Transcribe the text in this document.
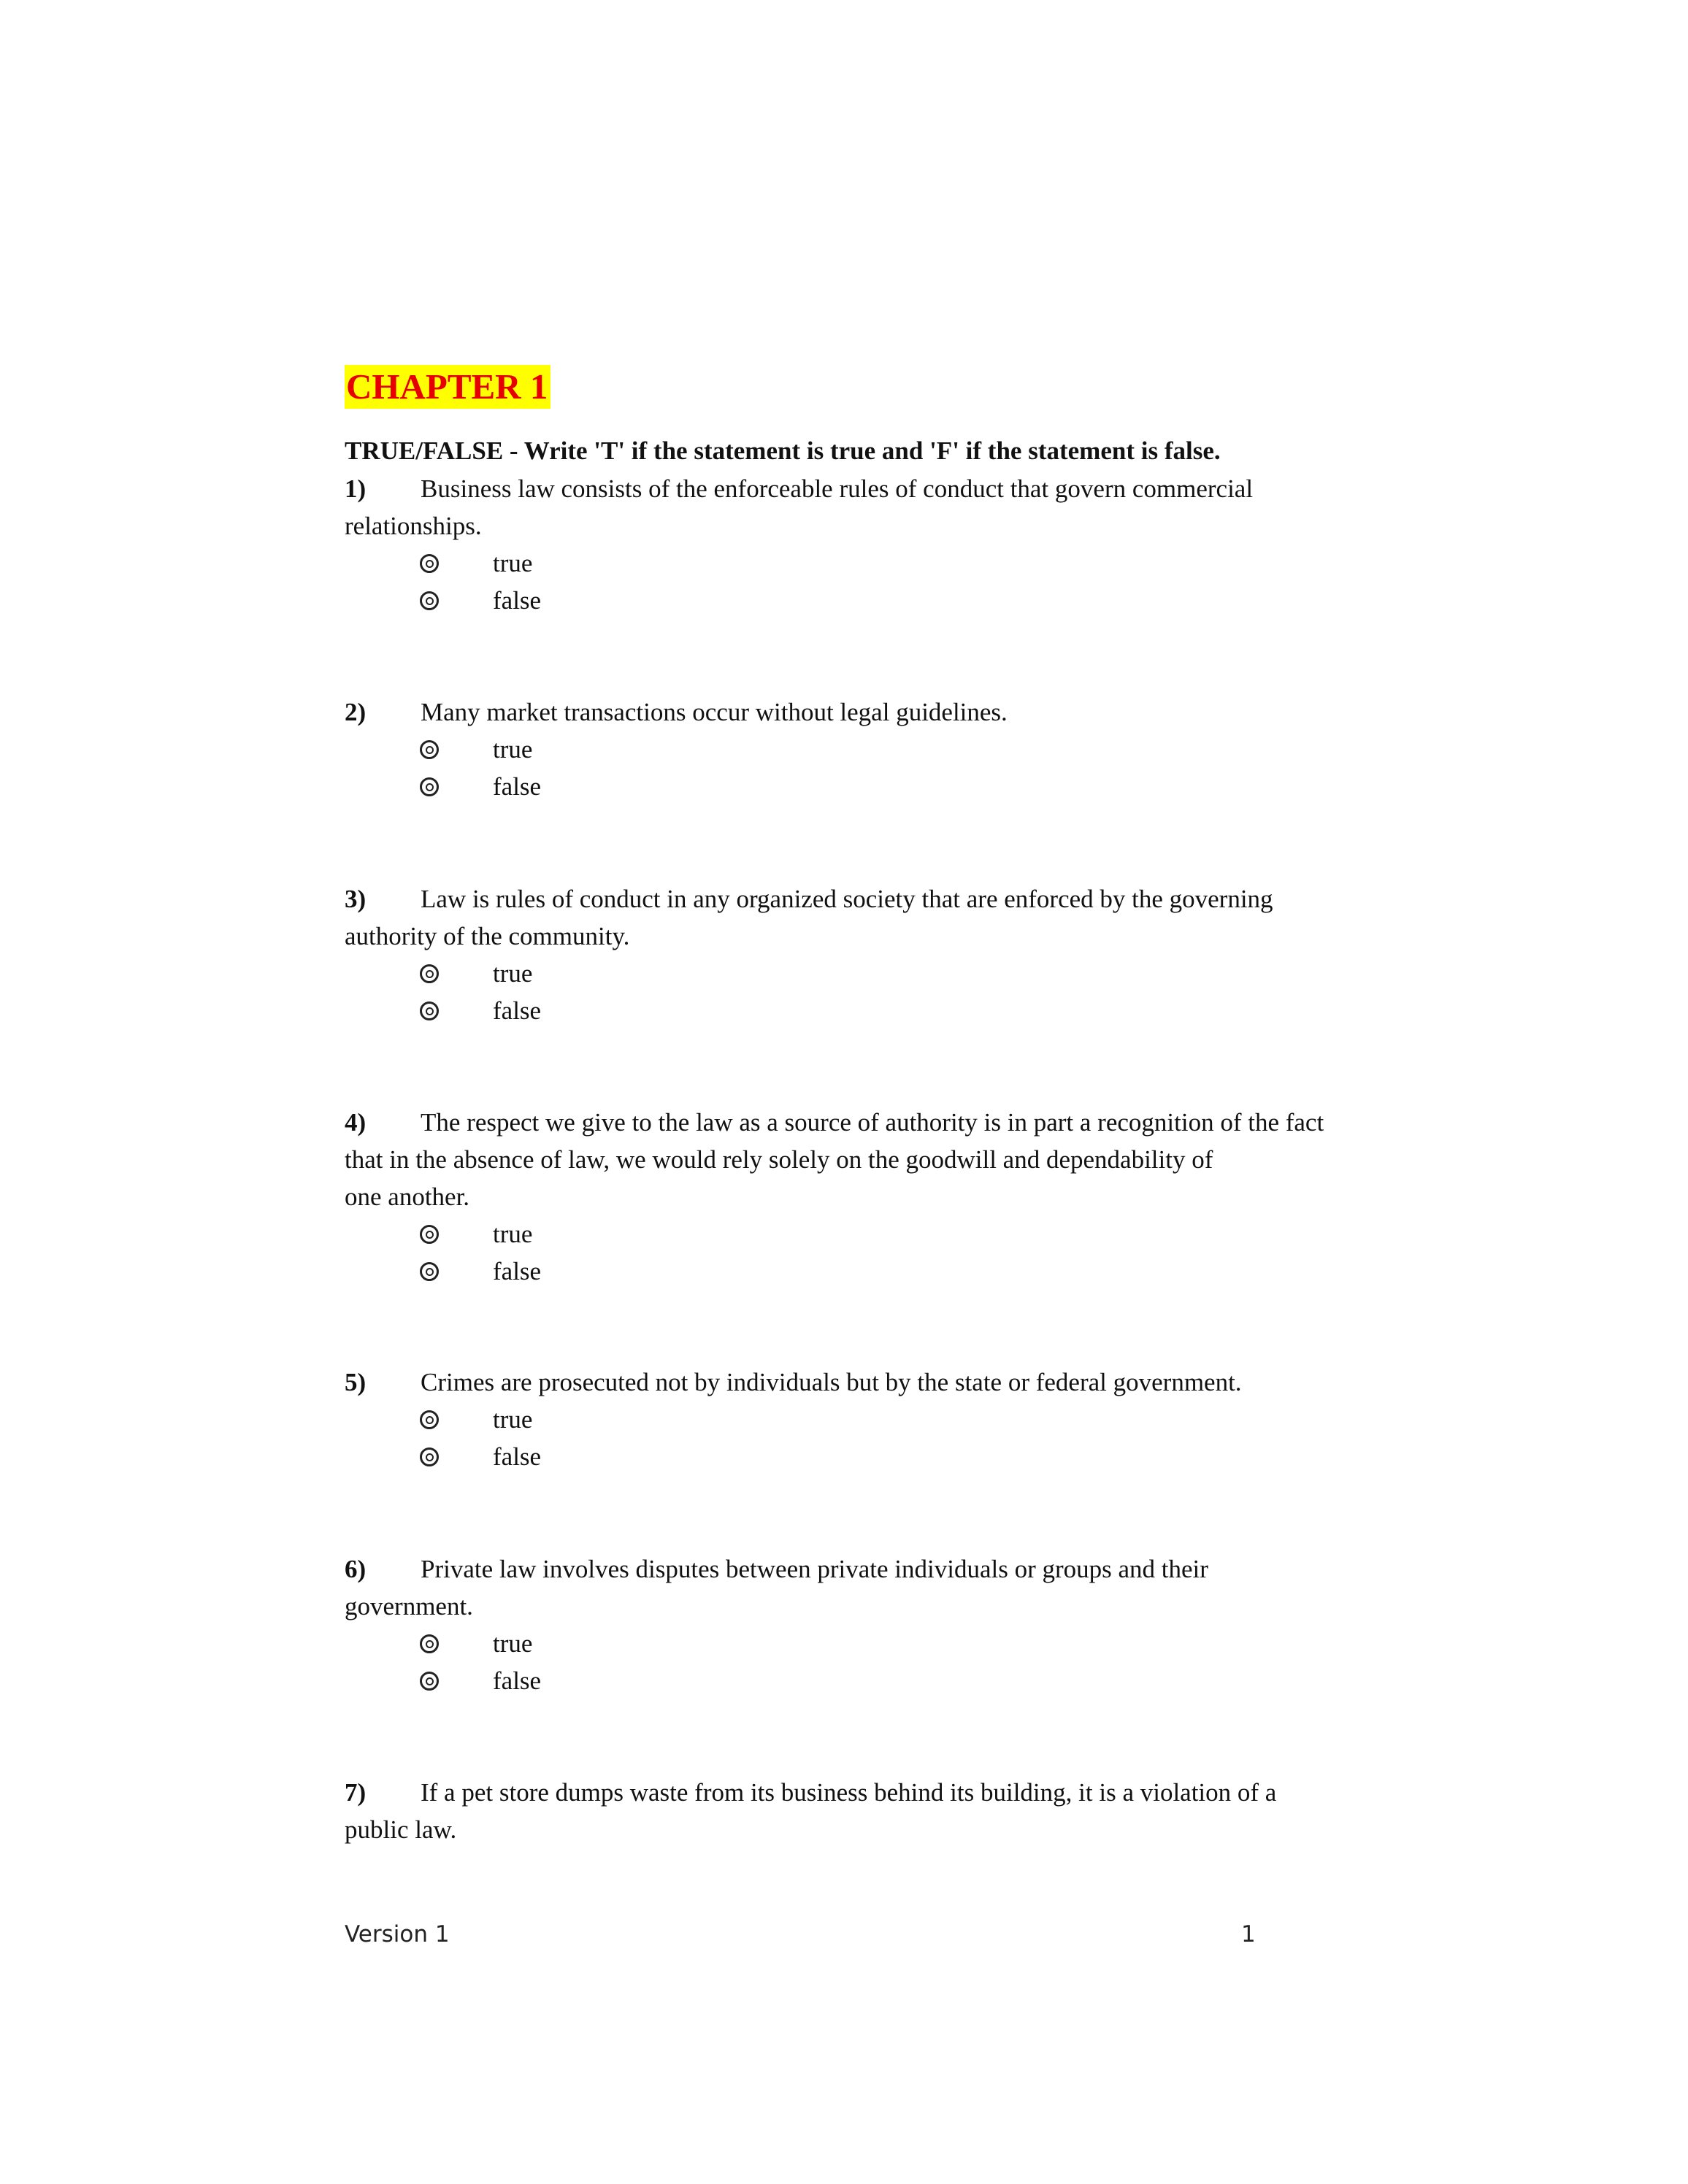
CHAPTER 1
TRUE/FALSE - Write 'T' if the statement is true and 'F' if the statement is false.

1) Business law consists of the enforceable rules of conduct that govern commercial
relationships.

true
false

2) Many market transactions occur without legal guidelines.

true
false

3) Law is rules of conduct in any organized society that are enforced by the governing
authority of the community.

true
false

4) The respect we give to the law as a source of authority is in part a recognition of the fact
that in the absence of law, we would rely solely on the goodwill and dependability of one another.

true
false

5) Crimes are prosecuted not by individuals but by the state or federal government.

true
false

6) Private law involves disputes between private individuals or groups and their
government.

true
false

7) If a pet store dumps waste from its business behind its building, it is a violation of a
public law.

Version 1	1
